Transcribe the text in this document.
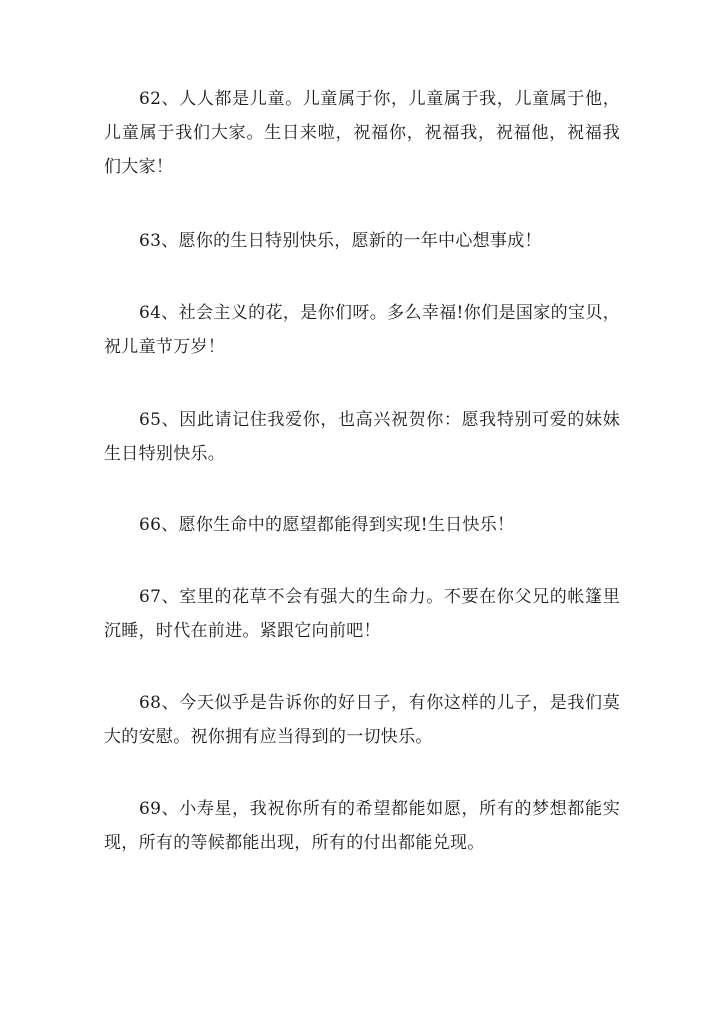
62、人人都是儿童。儿童属于你，儿童属于我，儿童属于他，儿童属于我们大家。生日来啦，祝福你，祝福我，祝福他，祝福我们大家！

63、愿你的生日特别快乐，愿新的一年中心想事成！

64、社会主义的花，是你们呀。多么幸福!你们是国家的宝贝，祝儿童节万岁！

65、因此请记住我爱你，也高兴祝贺你：愿我特别可爱的妹妹生日特别快乐。

66、愿你生命中的愿望都能得到实现!生日快乐！

67、室里的花草不会有强大的生命力。不要在你父兄的帐篷里沉睡，时代在前进。紧跟它向前吧！

68、今天似乎是告诉你的好日子，有你这样的儿子，是我们莫大的安慰。祝你拥有应当得到的一切快乐。

69、小寿星，我祝你所有的希望都能如愿，所有的梦想都能实现，所有的等候都能出现，所有的付出都能兑现。
